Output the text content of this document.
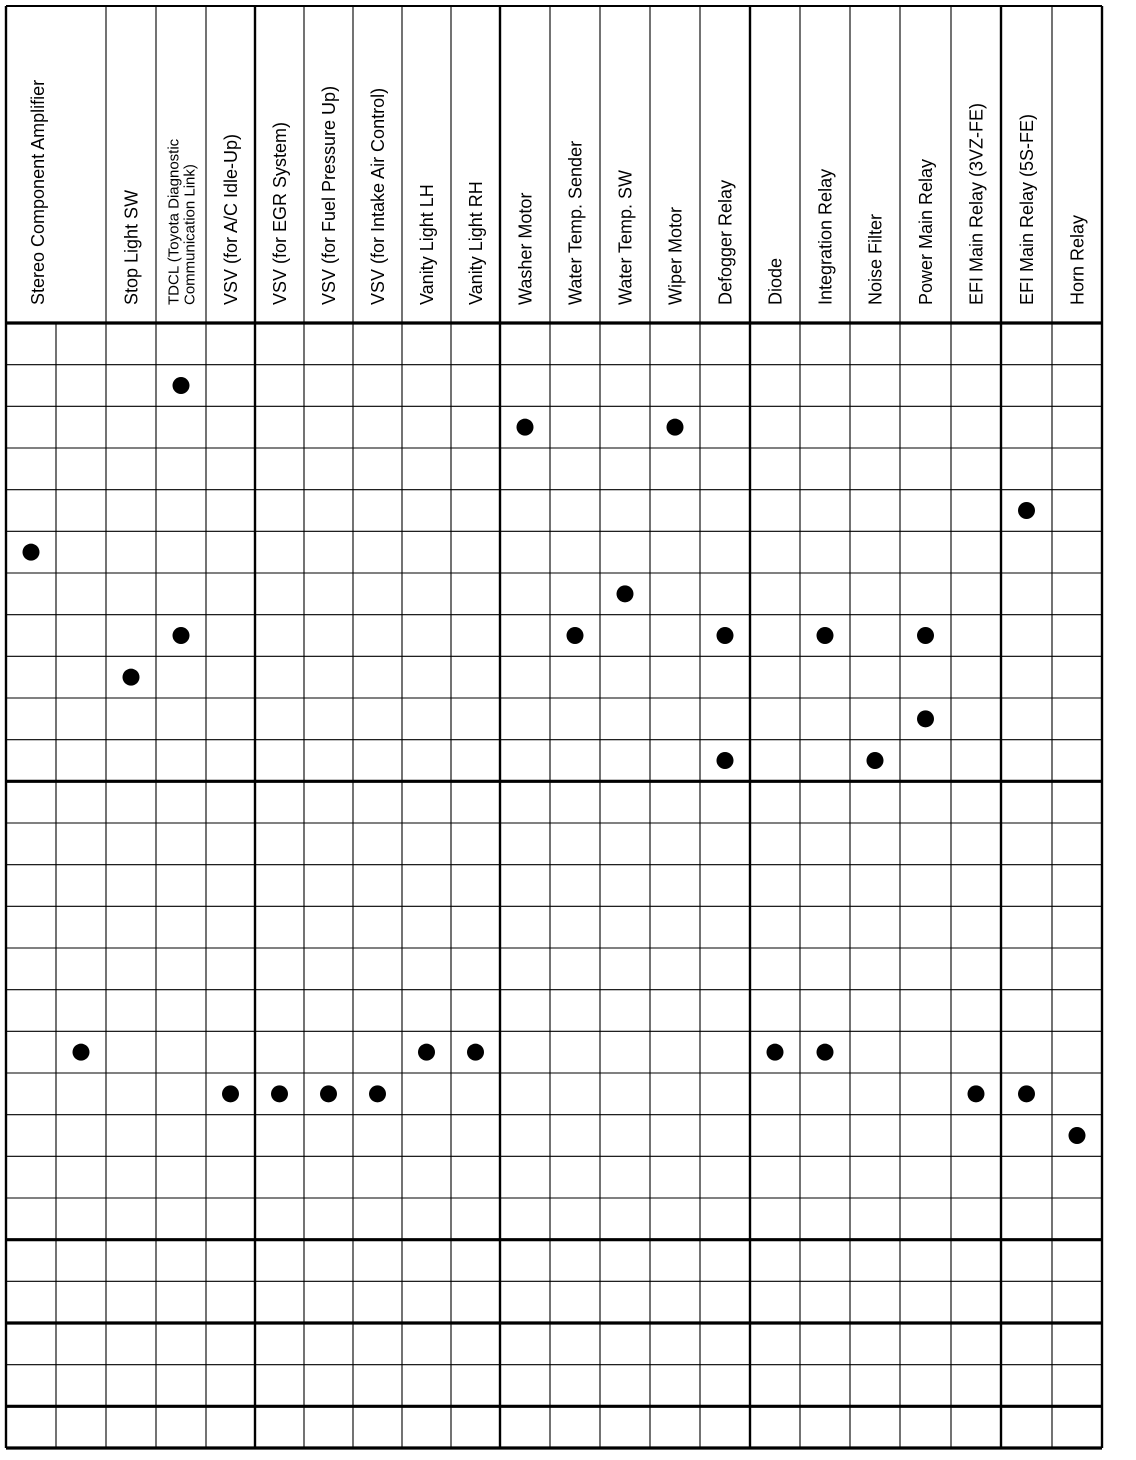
Stereo Component Amplifier	Stop Light SW TDCL (Toyota Diagnostic Communication Link) VSV (for A/C Idle-Up) VSV (for EGR System) VSV (for Fuel Pressure Up) VSV (for Intake Air Control) Vanity Light LH Vanity Light RH Washer Motor Water Temp. Sender Water Temp. SW Wiper Motor Defogger Relay Diode Integration Relay Noise Filter Power Main Relay EFI Main Relay (3VZ-FE) EFI Main Relay (5S-FE) Horn Relay
